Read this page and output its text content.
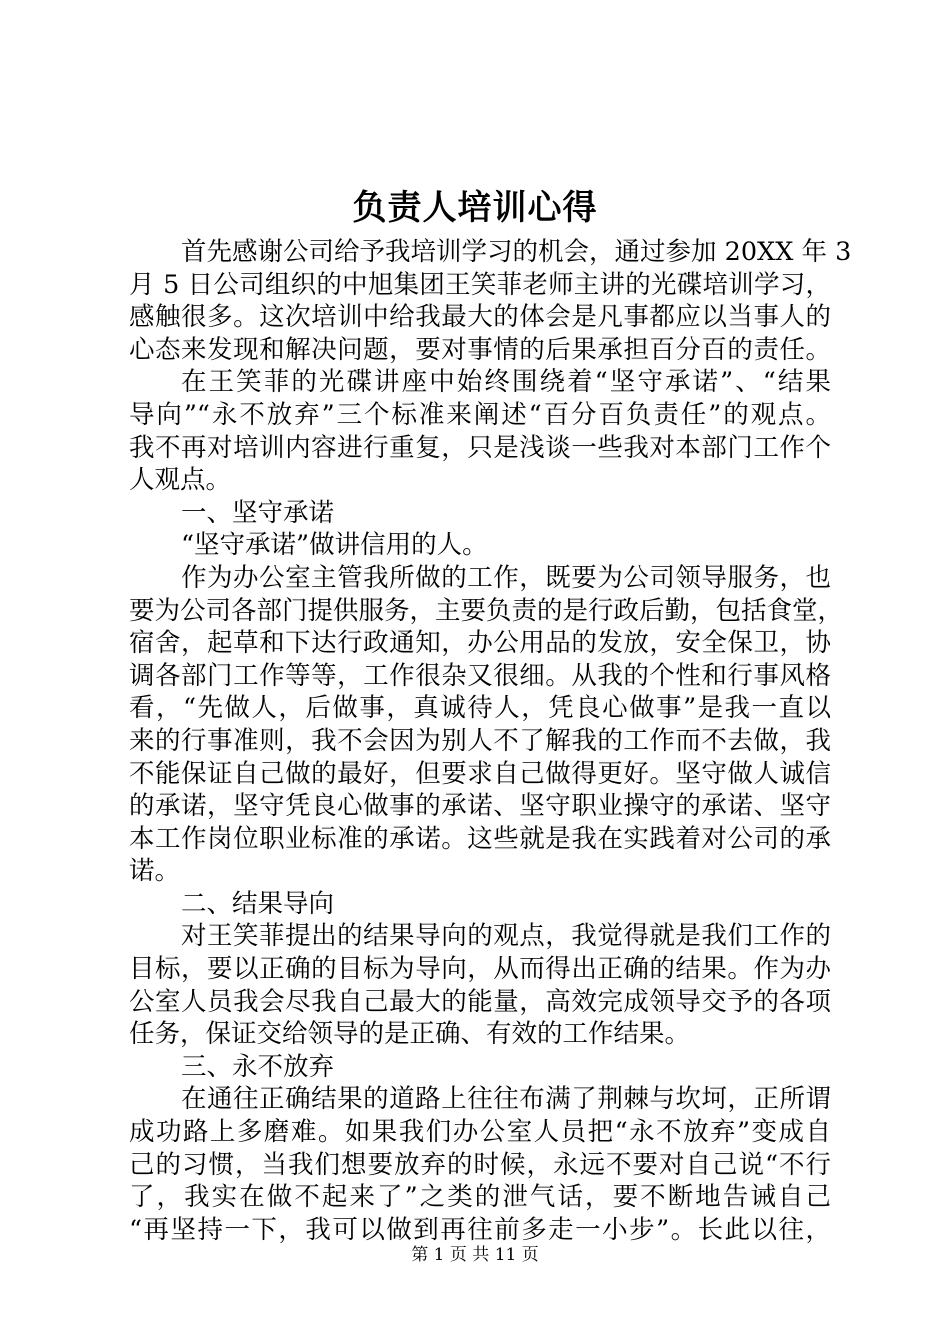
负责人培训心得
首先感谢公司给予我培训学习的机会，通过参加 20XX 年 3
月 5 日公司组织的中旭集团王笑菲老师主讲的光碟培训学习，
感触很多。这次培训中给我最大的体会是凡事都应以当事人的
心态来发现和解决问题，要对事情的后果承担百分百的责任。
在王笑菲的光碟讲座中始终围绕着“坚守承诺”、“结果
导向”“永不放弃”三个标准来阐述“百分百负责任”的观点。
我不再对培训内容进行重复，只是浅谈一些我对本部门工作个
人观点。
一、坚守承诺
“坚守承诺”做讲信用的人。
作为办公室主管我所做的工作，既要为公司领导服务，也
要为公司各部门提供服务，主要负责的是行政后勤，包括食堂，
宿舍，起草和下达行政通知，办公用品的发放，安全保卫，协
调各部门工作等等，工作很杂又很细。从我的个性和行事风格
看，“先做人，后做事，真诚待人，凭良心做事”是我一直以
来的行事准则，我不会因为别人不了解我的工作而不去做，我
不能保证自己做的最好，但要求自己做得更好。坚守做人诚信
的承诺，坚守凭良心做事的承诺、坚守职业操守的承诺、坚守
本工作岗位职业标准的承诺。这些就是我在实践着对公司的承
诺。
二、结果导向
对王笑菲提出的结果导向的观点，我觉得就是我们工作的
目标，要以正确的目标为导向，从而得出正确的结果。作为办
公室人员我会尽我自己最大的能量，高效完成领导交予的各项
任务，保证交给领导的是正确、有效的工作结果。
三、永不放弃
在通往正确结果的道路上往往布满了荆棘与坎坷，正所谓
成功路上多磨难。如果我们办公室人员把“永不放弃”变成自
己的习惯，当我们想要放弃的时候，永远不要对自己说“不行
了，我实在做不起来了”之类的泄气话，要不断地告诫自己
“再坚持一下，我可以做到再往前多走一小步”。长此以往，
第 1 页 共 11 页
